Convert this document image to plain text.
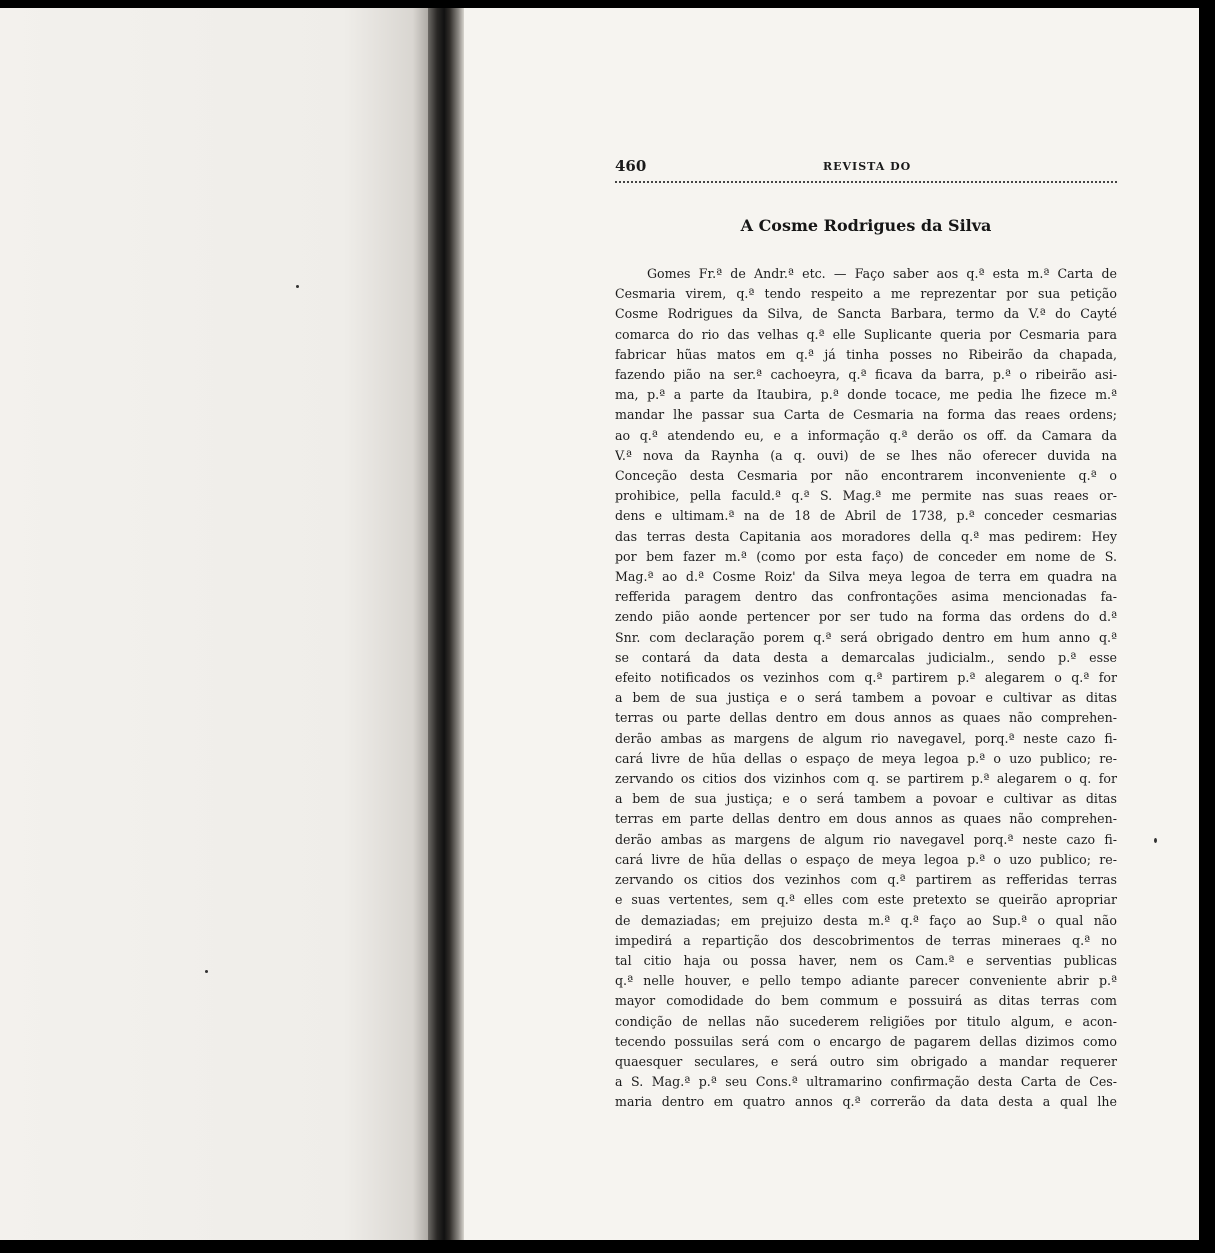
460	REVISTA DO
A Cosme Rodrigues da Silva
Gomes Fr.ª de Andr.ª etc. — Faço saber aos q.ª esta m.ª Carta de
Cesmaria virem, q.ª tendo respeito a me reprezentar por sua petição
Cosme Rodrigues da Silva, de Sancta Barbara, termo da V.ª do Cayté
comarca do rio das velhas q.ª elle Suplicante queria por Cesmaria para
fabricar hũas matos em q.ª já tinha posses no Ribeirão da chapada,
fazendo pião na ser.ª cachoeyra, q.ª ficava da barra, p.ª o ribeirão asi-
ma, p.ª a parte da Itaubira, p.ª donde tocace, me pedia lhe fizece m.ª
mandar lhe passar sua Carta de Cesmaria na forma das reaes ordens;
ao q.ª atendendo eu, e a informação q.ª derão os off. da Camara da
V.ª nova da Raynha (a q. ouvi) de se lhes não oferecer duvida na
Conceção desta Cesmaria por não encontrarem inconveniente q.ª o
prohibice, pella faculd.ª q.ª S. Mag.ª me permite nas suas reaes or-
dens e ultimam.ª na de 18 de Abril de 1738, p.ª conceder cesmarias
das terras desta Capitania aos moradores della q.ª mas pedirem: Hey
por bem fazer m.ª (como por esta faço) de conceder em nome de S.
Mag.ª ao d.ª Cosme Roiz' da Silva meya legoa de terra em quadra na
refferida paragem dentro das confrontações asima mencionadas fa-
zendo pião aonde pertencer por ser tudo na forma das ordens do d.ª
Snr. com declaração porem q.ª será obrigado dentro em hum anno q.ª
se contará da data desta a demarcalas judicialm., sendo p.ª esse
efeito notificados os vezinhos com q.ª partirem p.ª alegarem o q.ª for
a bem de sua justiça e o será tambem a povoar e cultivar as ditas
terras ou parte dellas dentro em dous annos as quaes não comprehen-
derão ambas as margens de algum rio navegavel, porq.ª neste cazo fi-
cará livre de hũa dellas o espaço de meya legoa p.ª o uzo publico; re-
zervando os citios dos vizinhos com q. se partirem p.ª alegarem o q. for
a bem de sua justiça; e o será tambem a povoar e cultivar as ditas
terras em parte dellas dentro em dous annos as quaes não comprehen-
derão ambas as margens de algum rio navegavel porq.ª neste cazo fi-
cará livre de hũa dellas o espaço de meya legoa p.ª o uzo publico; re-
zervando os citios dos vezinhos com q.ª partirem as refferidas terras
e suas vertentes, sem q.ª elles com este pretexto se queirão apropriar
de demaziadas; em prejuizo desta m.ª q.ª faço ao Sup.ª o qual não
impedirá a repartição dos descobrimentos de terras mineraes q.ª no
tal citio haja ou possa haver, nem os Cam.ª e serventias publicas
q.ª nelle houver, e pello tempo adiante parecer conveniente abrir p.ª
mayor comodidade do bem commum e possuirá as ditas terras com
condição de nellas não sucederem religiões por titulo algum, e acon-
tecendo possuilas será com o encargo de pagarem dellas dizimos como
quaesquer seculares, e será outro sim obrigado a mandar requerer
a S. Mag.ª p.ª seu Cons.ª ultramarino confirmação desta Carta de Ces-
maria dentro em quatro annos q.ª correrão da data desta a qual lhe
